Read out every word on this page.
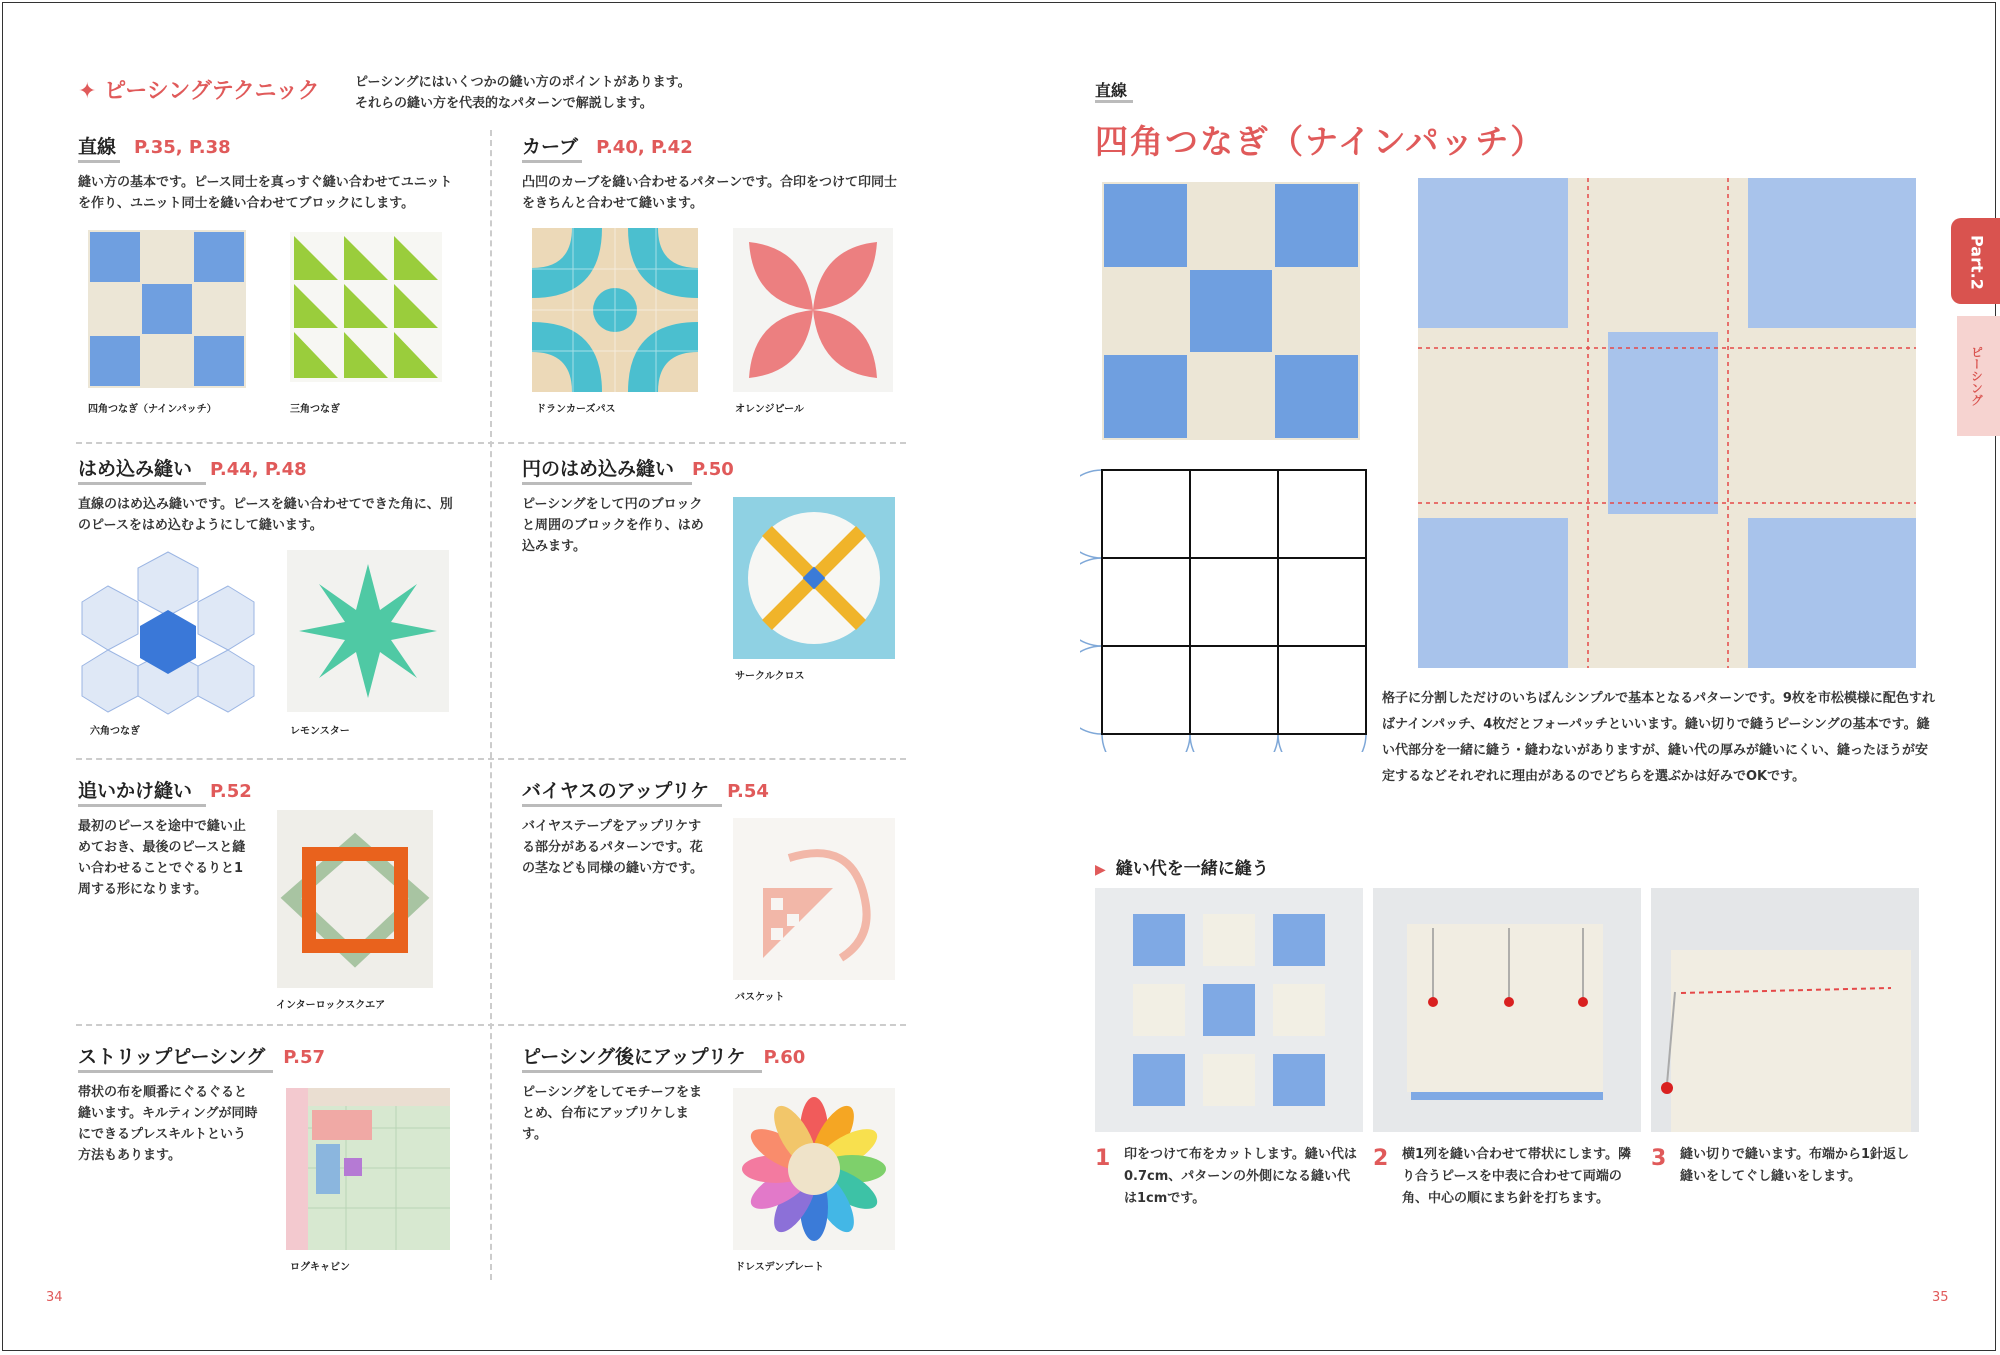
✦ ピーシングテクニック	ピーシングにはいくつかの縫い方のポイントがあります。
それらの縫い方を代表的なパターンで解説します。
直線 P.35, P.38
縫い方の基本です。ピース同士を真っすぐ縫い合わせてユニットを作り、ユニット同士を縫い合わせてブロックにします。
四角つなぎ（ナインパッチ）	三角つなぎ
カーブ P.40, P.42
凸凹のカーブを縫い合わせるパターンです。合印をつけて印同士をきちんと合わせて縫います。
ドランカーズパス	オレンジピール
はめ込み縫い P.44, P.48
直線のはめ込み縫いです。ピースを縫い合わせてできた角に、別のピースをはめ込むようにして縫います。
六角つなぎ	レモンスター
円のはめ込み縫い P.50
ピーシングをして円のブロックと周囲のブロックを作り、はめ込みます。
サークルクロス
追いかけ縫い P.52
最初のピースを途中で縫い止めておき、最後のピースと縫い合わせることでぐるりと1周する形になります。
インターロックスクエア
バイヤスのアップリケ P.54
バイヤステープをアップリケする部分があるパターンです。花の茎なども同様の縫い方です。
バスケット
ストリップピーシング P.57
帯状の布を順番にぐるぐると縫います。キルティングが同時にできるプレスキルトという方法もあります。
ログキャビン
ピーシング後にアップリケ P.60
ピーシングをしてモチーフをまとめ、台布にアップリケします。
ドレスデンプレート
34
直線
四角つなぎ（ナインパッチ）
格子に分割しただけのいちばんシンプルで基本となるパターンです。9枚を市松模様に配色すればナインパッチ、4枚だとフォーパッチといいます。縫い切りで縫うピーシングの基本です。縫い代部分を一緒に縫う・縫わないがありますが、縫い代の厚みが縫いにくい、縫ったほうが安定するなどそれぞれに理由があるのでどちらを選ぶかは好みでOKです。
▶ 縫い代を一緒に縫う
1 印をつけて布をカットします。縫い代は0.7cm、パターンの外側になる縫い代は1cmです。
2 横1列を縫い合わせて帯状にします。隣り合うピースを中表に合わせて両端の角、中心の順にまち針を打ちます。
3 縫い切りで縫います。布端から1針返し縫いをしてぐし縫いをします。
35
Part.2
ピーシング
